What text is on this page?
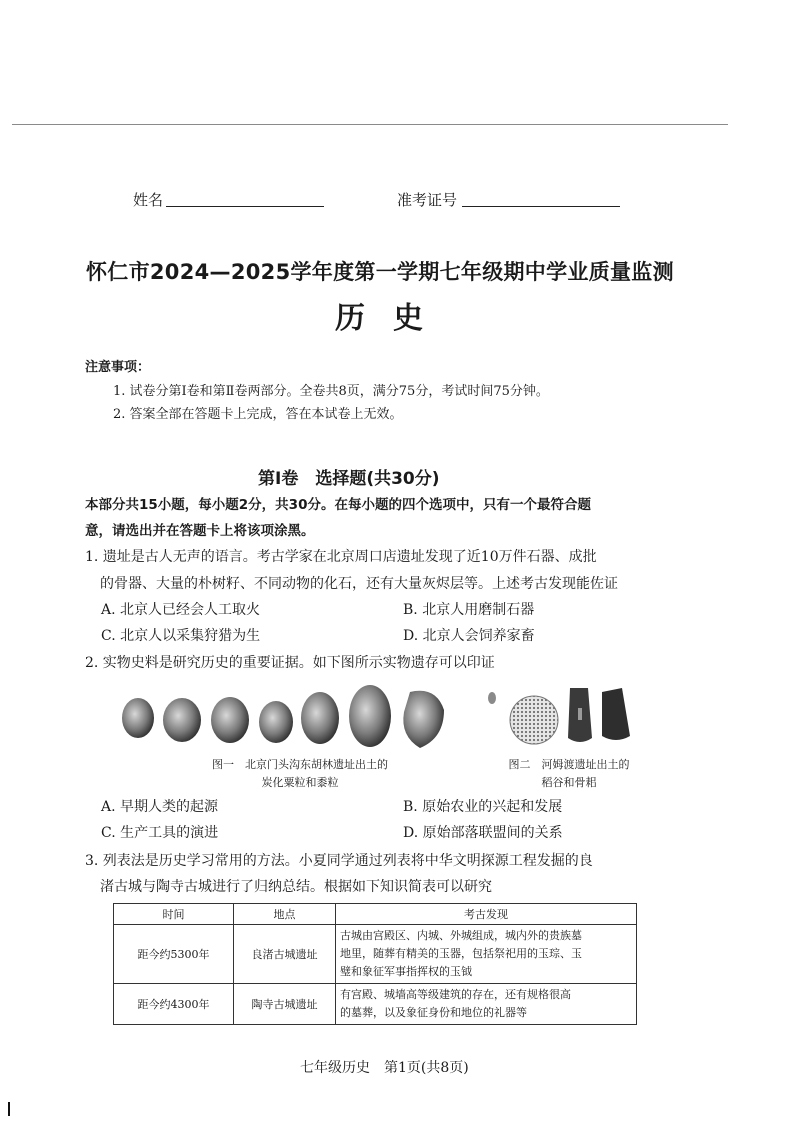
姓名	准考证号
怀仁市2024—2025学年度第一学期七年级期中学业质量监测
历史
注意事项：
1. 试卷分第Ⅰ卷和第Ⅱ卷两部分。全卷共8页，满分75分，考试时间75分钟。
2. 答案全部在答题卡上完成，答在本试卷上无效。
第Ⅰ卷　选择题(共30分)
本部分共15小题，每小题2分，共30分。在每小题的四个选项中，只有一个最符合题
意，请选出并在答题卡上将该项涂黑。
1. 遗址是古人无声的语言。考古学家在北京周口店遗址发现了近10万件石器、成批
的骨器、大量的朴树籽、不同动物的化石，还有大量灰烬层等。上述考古发现能佐证
A. 北京人已经会人工取火	B. 北京人用磨制石器
C. 北京人以采集狩猎为生	D. 北京人会饲养家畜
2. 实物史料是研究历史的重要证据。如下图所示实物遗存可以印证
图一　北京门头沟东胡林遗址出土的
炭化粟粒和黍粒
图二　河姆渡遗址出土的
稻谷和骨耜
A. 早期人类的起源	B. 原始农业的兴起和发展
C. 生产工具的演进	D. 原始部落联盟间的关系
3. 列表法是历史学习常用的方法。小夏同学通过列表将中华文明探源工程发掘的良
渚古城与陶寺古城进行了归纳总结。根据如下知识简表可以研究
时间	地点	考古发现
距今约5300年	良渚古城遗址	古城由宫殿区、内城、外城组成，城内外的贵族墓
地里，随葬有精美的玉器，包括祭祀用的玉琮、玉
璧和象征军事指挥权的玉钺

距今约4300年	陶寺古城遗址	有宫殿、城墙高等级建筑的存在，还有规格很高
的墓葬，以及象征身份和地位的礼器等
七年级历史　第1页(共8页)
